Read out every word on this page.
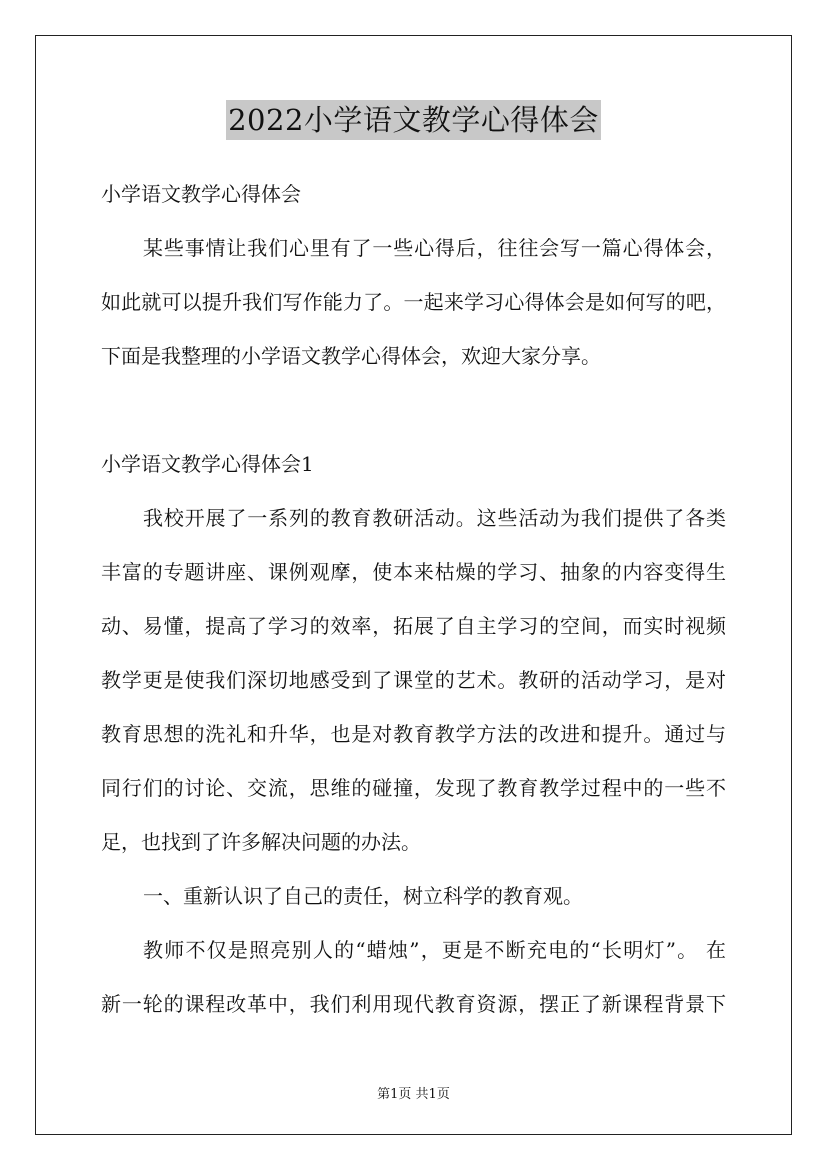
2022小学语文教学心得体会
小学语文教学心得体会
某些事情让我们心里有了一些心得后，往往会写一篇心得体会，
如此就可以提升我们写作能力了。一起来学习心得体会是如何写的吧，
下面是我整理的小学语文教学心得体会，欢迎大家分享。
小学语文教学心得体会1
我校开展了一系列的教育教研活动。这些活动为我们提供了各类
丰富的专题讲座、课例观摩，使本来枯燥的学习、抽象的内容变得生
动、易懂，提高了学习的效率，拓展了自主学习的空间，而实时视频
教学更是使我们深切地感受到了课堂的艺术。教研的活动学习，是对
教育思想的洗礼和升华，也是对教育教学方法的改进和提升。通过与
同行们的讨论、交流，思维的碰撞，发现了教育教学过程中的一些不
足，也找到了许多解决问题的办法。
一、重新认识了自己的责任，树立科学的教育观。
教师不仅是照亮别人的“蜡烛”，更是不断充电的“长明灯”。 在
新一轮的课程改革中，我们利用现代教育资源，摆正了新课程背景下
第1页 共1页
